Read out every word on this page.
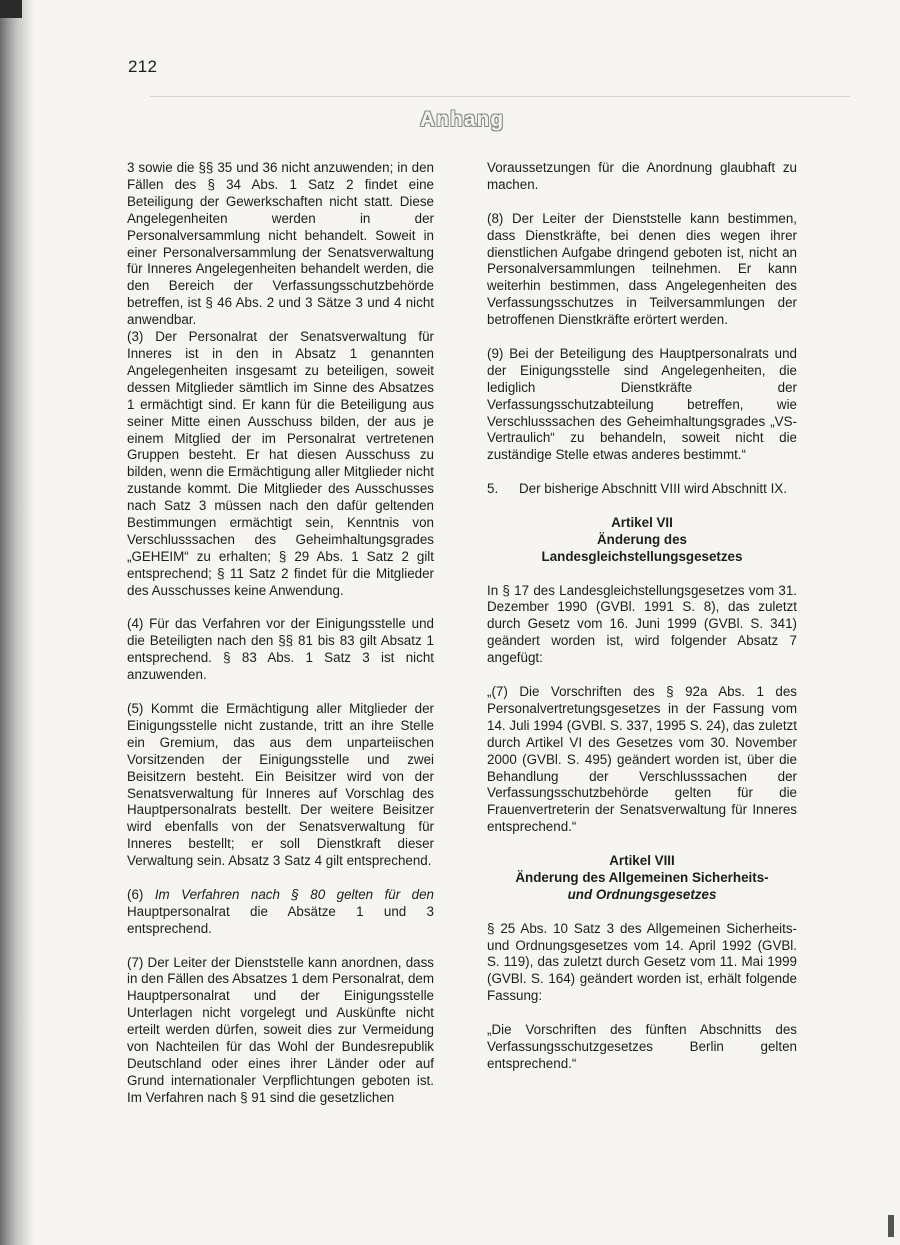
212
Anhang

3 sowie die §§ 35 und 36 nicht anzuwenden; in den Fällen des § 34 Abs. 1 Satz 2 findet eine Beteiligung der Gewerkschaften nicht statt. Diese Angelegenheiten werden in der Personalversammlung nicht behandelt. Soweit in einer Personalversammlung der Senatsverwaltung für Inneres Angelegenheiten behandelt werden, die den Bereich der Verfassungsschutzbehörde betreffen, ist § 46 Abs. 2 und 3 Sätze 3 und 4 nicht anwendbar.

(3) Der Personalrat der Senatsverwaltung für Inneres ist in den in Absatz 1 genannten Angelegenheiten insgesamt zu beteiligen, soweit dessen Mitglieder sämtlich im Sinne des Absatzes 1 ermächtigt sind. Er kann für die Beteiligung aus seiner Mitte einen Ausschuss bilden, der aus je einem Mitglied der im Personalrat vertretenen Gruppen besteht. Er hat diesen Ausschuss zu bilden, wenn die Ermächtigung aller Mitglieder nicht zustande kommt. Die Mitglieder des Ausschusses nach Satz 3 müssen nach den dafür geltenden Bestimmungen ermächtigt sein, Kenntnis von Verschlusssachen des Geheimhaltungsgrades „GEHEIM“ zu erhalten; § 29 Abs. 1 Satz 2 gilt entsprechend; § 11 Satz 2 findet für die Mitglieder des Ausschusses keine Anwendung.

(4) Für das Verfahren vor der Einigungsstelle und die Beteiligten nach den §§ 81 bis 83 gilt Absatz 1 entsprechend. § 83 Abs. 1 Satz 3 ist nicht anzuwenden.

(5) Kommt die Ermächtigung aller Mitglieder der Einigungsstelle nicht zustande, tritt an ihre Stelle ein Gremium, das aus dem unparteiischen Vorsitzenden der Einigungsstelle und zwei Beisitzern besteht. Ein Beisitzer wird von der Senatsverwaltung für Inneres auf Vorschlag des Hauptpersonalrats bestellt. Der weitere Beisitzer wird ebenfalls von der Senatsverwaltung für Inneres bestellt; er soll Dienstkraft dieser Verwaltung sein. Absatz 3 Satz 4 gilt entsprechend.

(6) Im Verfahren nach § 80 gelten für den Hauptpersonalrat die Absätze 1 und 3 entsprechend.

(7) Der Leiter der Dienststelle kann anordnen, dass in den Fällen des Absatzes 1 dem Personalrat, dem Hauptpersonalrat und der Einigungsstelle Unterlagen nicht vorgelegt und Auskünfte nicht erteilt werden dürfen, soweit dies zur Vermeidung von Nachteilen für das Wohl der Bundesrepublik Deutschland oder eines ihrer Länder oder auf Grund internationaler Verpflichtungen geboten ist. Im Verfahren nach § 91 sind die gesetzlichen

Voraussetzungen für die Anordnung glaubhaft zu machen.

(8) Der Leiter der Dienststelle kann bestimmen, dass Dienstkräfte, bei denen dies wegen ihrer dienstlichen Aufgabe dringend geboten ist, nicht an Personalversammlungen teilnehmen. Er kann weiterhin bestimmen, dass Angelegenheiten des Verfassungsschutzes in Teilversammlungen der betroffenen Dienstkräfte erörtert werden.

(9) Bei der Beteiligung des Hauptpersonalrats und der Einigungsstelle sind Angelegenheiten, die lediglich Dienstkräfte der Verfassungsschutzabteilung betreffen, wie Verschlusssachen des Geheimhaltungsgrades „VS-Vertraulich“ zu behandeln, soweit nicht die zuständige Stelle etwas anderes bestimmt.“

5.	Der bisherige Abschnitt VIII wird Abschnitt IX.
Artikel VII
Änderung des
Landesgleichstellungsgesetzes

In § 17 des Landesgleichstellungsgesetzes vom 31. Dezember 1990 (GVBl. 1991 S. 8), das zuletzt durch Gesetz vom 16. Juni 1999 (GVBl. S. 341) geändert worden ist, wird folgender Absatz 7 angefügt:

„(7) Die Vorschriften des § 92a Abs. 1 des Personalvertretungsgesetzes in der Fassung vom 14. Juli 1994 (GVBl. S. 337, 1995 S. 24), das zuletzt durch Artikel VI des Gesetzes vom 30. November 2000 (GVBl. S. 495) geändert worden ist, über die Behandlung der Verschlusssachen der Verfassungsschutzbehörde gelten für die Frauenvertreterin der Senatsverwaltung für Inneres entsprechend.“

Artikel VIII
Änderung des Allgemeinen Sicherheits-
und Ordnungsgesetzes

§ 25 Abs. 10 Satz 3 des Allgemeinen Sicherheits- und Ordnungsgesetzes vom 14. April 1992 (GVBl. S. 119), das zuletzt durch Gesetz vom 11. Mai 1999 (GVBl. S. 164) geändert worden ist, erhält folgende Fassung:

„Die Vorschriften des fünften Abschnitts des Verfassungsschutzgesetzes Berlin gelten entsprechend.“
